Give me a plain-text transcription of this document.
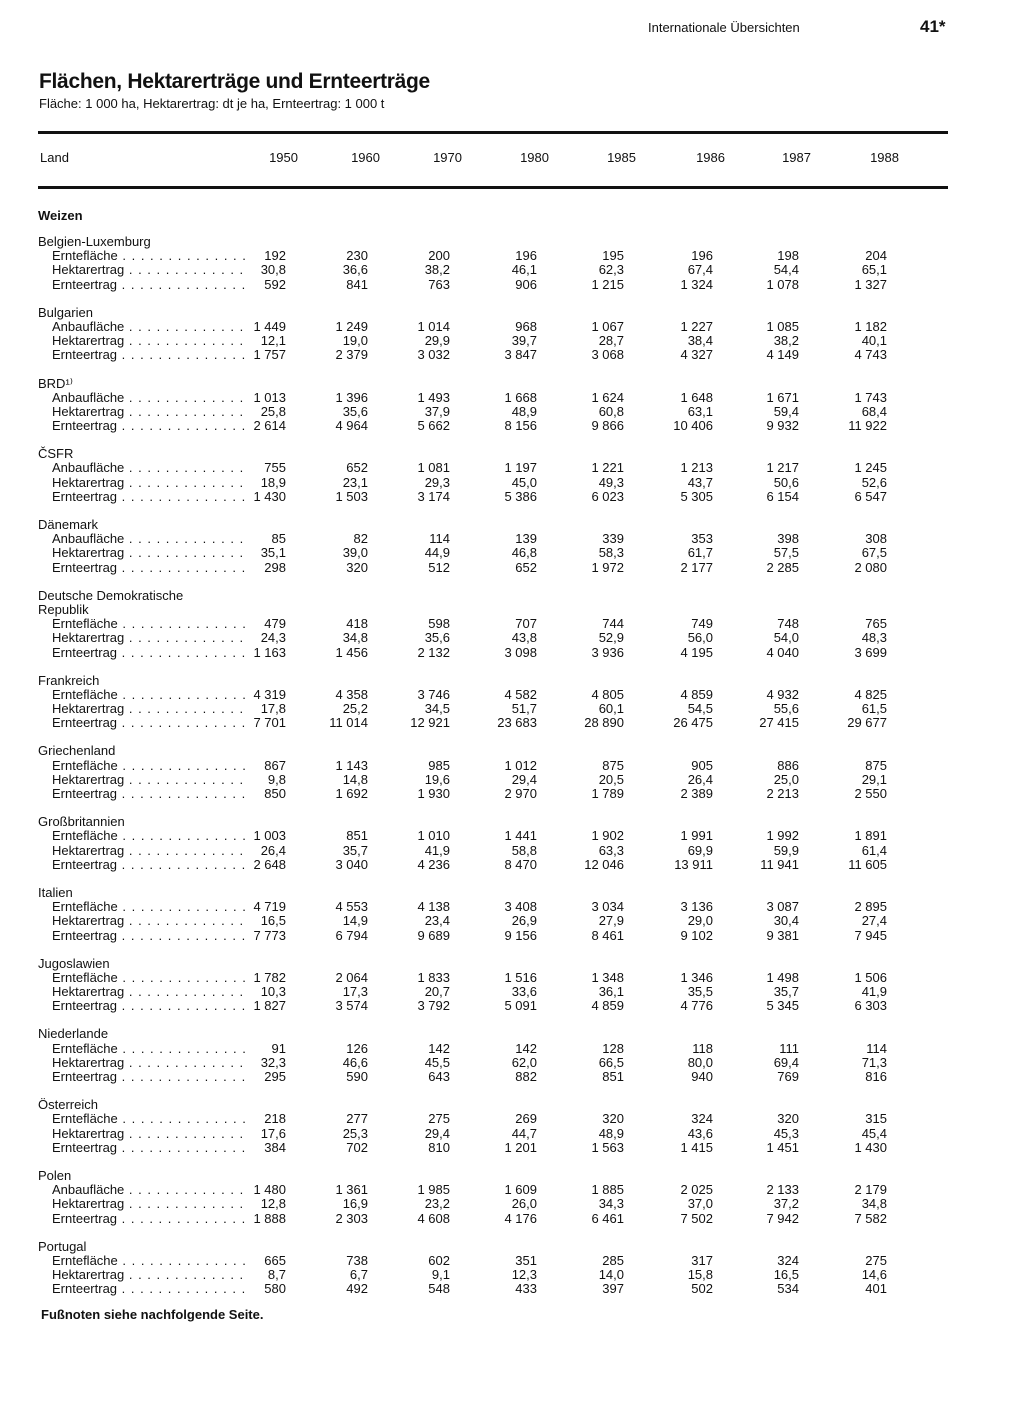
Internationale Übersichten	41*
Flächen, Hektarerträge und Ernteerträge
Fläche: 1 000 ha, Hektarertrag: dt je ha, Ernteertrag: 1 000 t
Land	1950	1960	1970	1980	1985	1986	1987	1988
Weizen
Belgien-Luxemburg
Erntefläche . . .	192	230	200	196	195	196	198	204
Hektarertrag . . .	30,8	36,6	38,2	46,1	62,3	67,4	54,4	65,1
Ernteertrag . . .	592	841	763	906	1 215	1 324	1 078	1 327
Bulgarien
Anbaufläche . . .	1 449	1 249	1 014	968	1 067	1 227	1 085	1 182
Hektarertrag . . .	12,1	19,0	29,9	39,7	28,7	38,4	38,2	40,1
Ernteertrag . . .	1 757	2 379	3 032	3 847	3 068	4 327	4 149	4 743
BRD¹⁾
Anbaufläche . . .	1 013	1 396	1 493	1 668	1 624	1 648	1 671	1 743
Hektarertrag . . .	25,8	35,6	37,9	48,9	60,8	63,1	59,4	68,4
Ernteertrag . . .	2 614	4 964	5 662	8 156	9 866	10 406	9 932	11 922
ČSFR
Anbaufläche . . .	755	652	1 081	1 197	1 221	1 213	1 217	1 245
Hektarertrag . . .	18,9	23,1	29,3	45,0	49,3	43,7	50,6	52,6
Ernteertrag . . .	1 430	1 503	3 174	5 386	6 023	5 305	6 154	6 547
Dänemark
Anbaufläche . . .	85	82	114	139	339	353	398	308
Hektarertrag . . .	35,1	39,0	44,9	46,8	58,3	61,7	57,5	67,5
Ernteertrag . . .	298	320	512	652	1 972	2 177	2 285	2 080
Deutsche Demokratische
Republik
Erntefläche . . .	479	418	598	707	744	749	748	765
Hektarertrag . . .	24,3	34,8	35,6	43,8	52,9	56,0	54,0	48,3
Ernteertrag . . .	1 163	1 456	2 132	3 098	3 936	4 195	4 040	3 699
Frankreich
Erntefläche . . .	4 319	4 358	3 746	4 582	4 805	4 859	4 932	4 825
Hektarertrag . . .	17,8	25,2	34,5	51,7	60,1	54,5	55,6	61,5
Ernteertrag . . .	7 701	11 014	12 921	23 683	28 890	26 475	27 415	29 677
Griechenland
Erntefläche . . .	867	1 143	985	1 012	875	905	886	875
Hektarertrag . . .	9,8	14,8	19,6	29,4	20,5	26,4	25,0	29,1
Ernteertrag . . .	850	1 692	1 930	2 970	1 789	2 389	2 213	2 550
Großbritannien
Erntefläche . . .	1 003	851	1 010	1 441	1 902	1 991	1 992	1 891
Hektarertrag . . .	26,4	35,7	41,9	58,8	63,3	69,9	59,9	61,4
Ernteertrag . . .	2 648	3 040	4 236	8 470	12 046	13 911	11 941	11 605
Italien
Erntefläche . . .	4 719	4 553	4 138	3 408	3 034	3 136	3 087	2 895
Hektarertrag . . .	16,5	14,9	23,4	26,9	27,9	29,0	30,4	27,4
Ernteertrag . . .	7 773	6 794	9 689	9 156	8 461	9 102	9 381	7 945
Jugoslawien
Erntefläche . . .	1 782	2 064	1 833	1 516	1 348	1 346	1 498	1 506
Hektarertrag . . .	10,3	17,3	20,7	33,6	36,1	35,5	35,7	41,9
Ernteertrag . . .	1 827	3 574	3 792	5 091	4 859	4 776	5 345	6 303
Niederlande
Erntefläche . . .	91	126	142	142	128	118	111	114
Hektarertrag . . .	32,3	46,6	45,5	62,0	66,5	80,0	69,4	71,3
Ernteertrag . . .	295	590	643	882	851	940	769	816
Österreich
Erntefläche . . .	218	277	275	269	320	324	320	315
Hektarertrag . . .	17,6	25,3	29,4	44,7	48,9	43,6	45,3	45,4
Ernteertrag . . .	384	702	810	1 201	1 563	1 415	1 451	1 430
Polen
Anbaufläche . . .	1 480	1 361	1 985	1 609	1 885	2 025	2 133	2 179
Hektarertrag . . .	12,8	16,9	23,2	26,0	34,3	37,0	37,2	34,8
Ernteertrag . . .	1 888	2 303	4 608	4 176	6 461	7 502	7 942	7 582
Portugal
Erntefläche . . .	665	738	602	351	285	317	324	275
Hektarertrag . . .	8,7	6,7	9,1	12,3	14,0	15,8	16,5	14,6
Ernteertrag . . .	580	492	548	433	397	502	534	401
Fußnoten siehe nachfolgende Seite.
